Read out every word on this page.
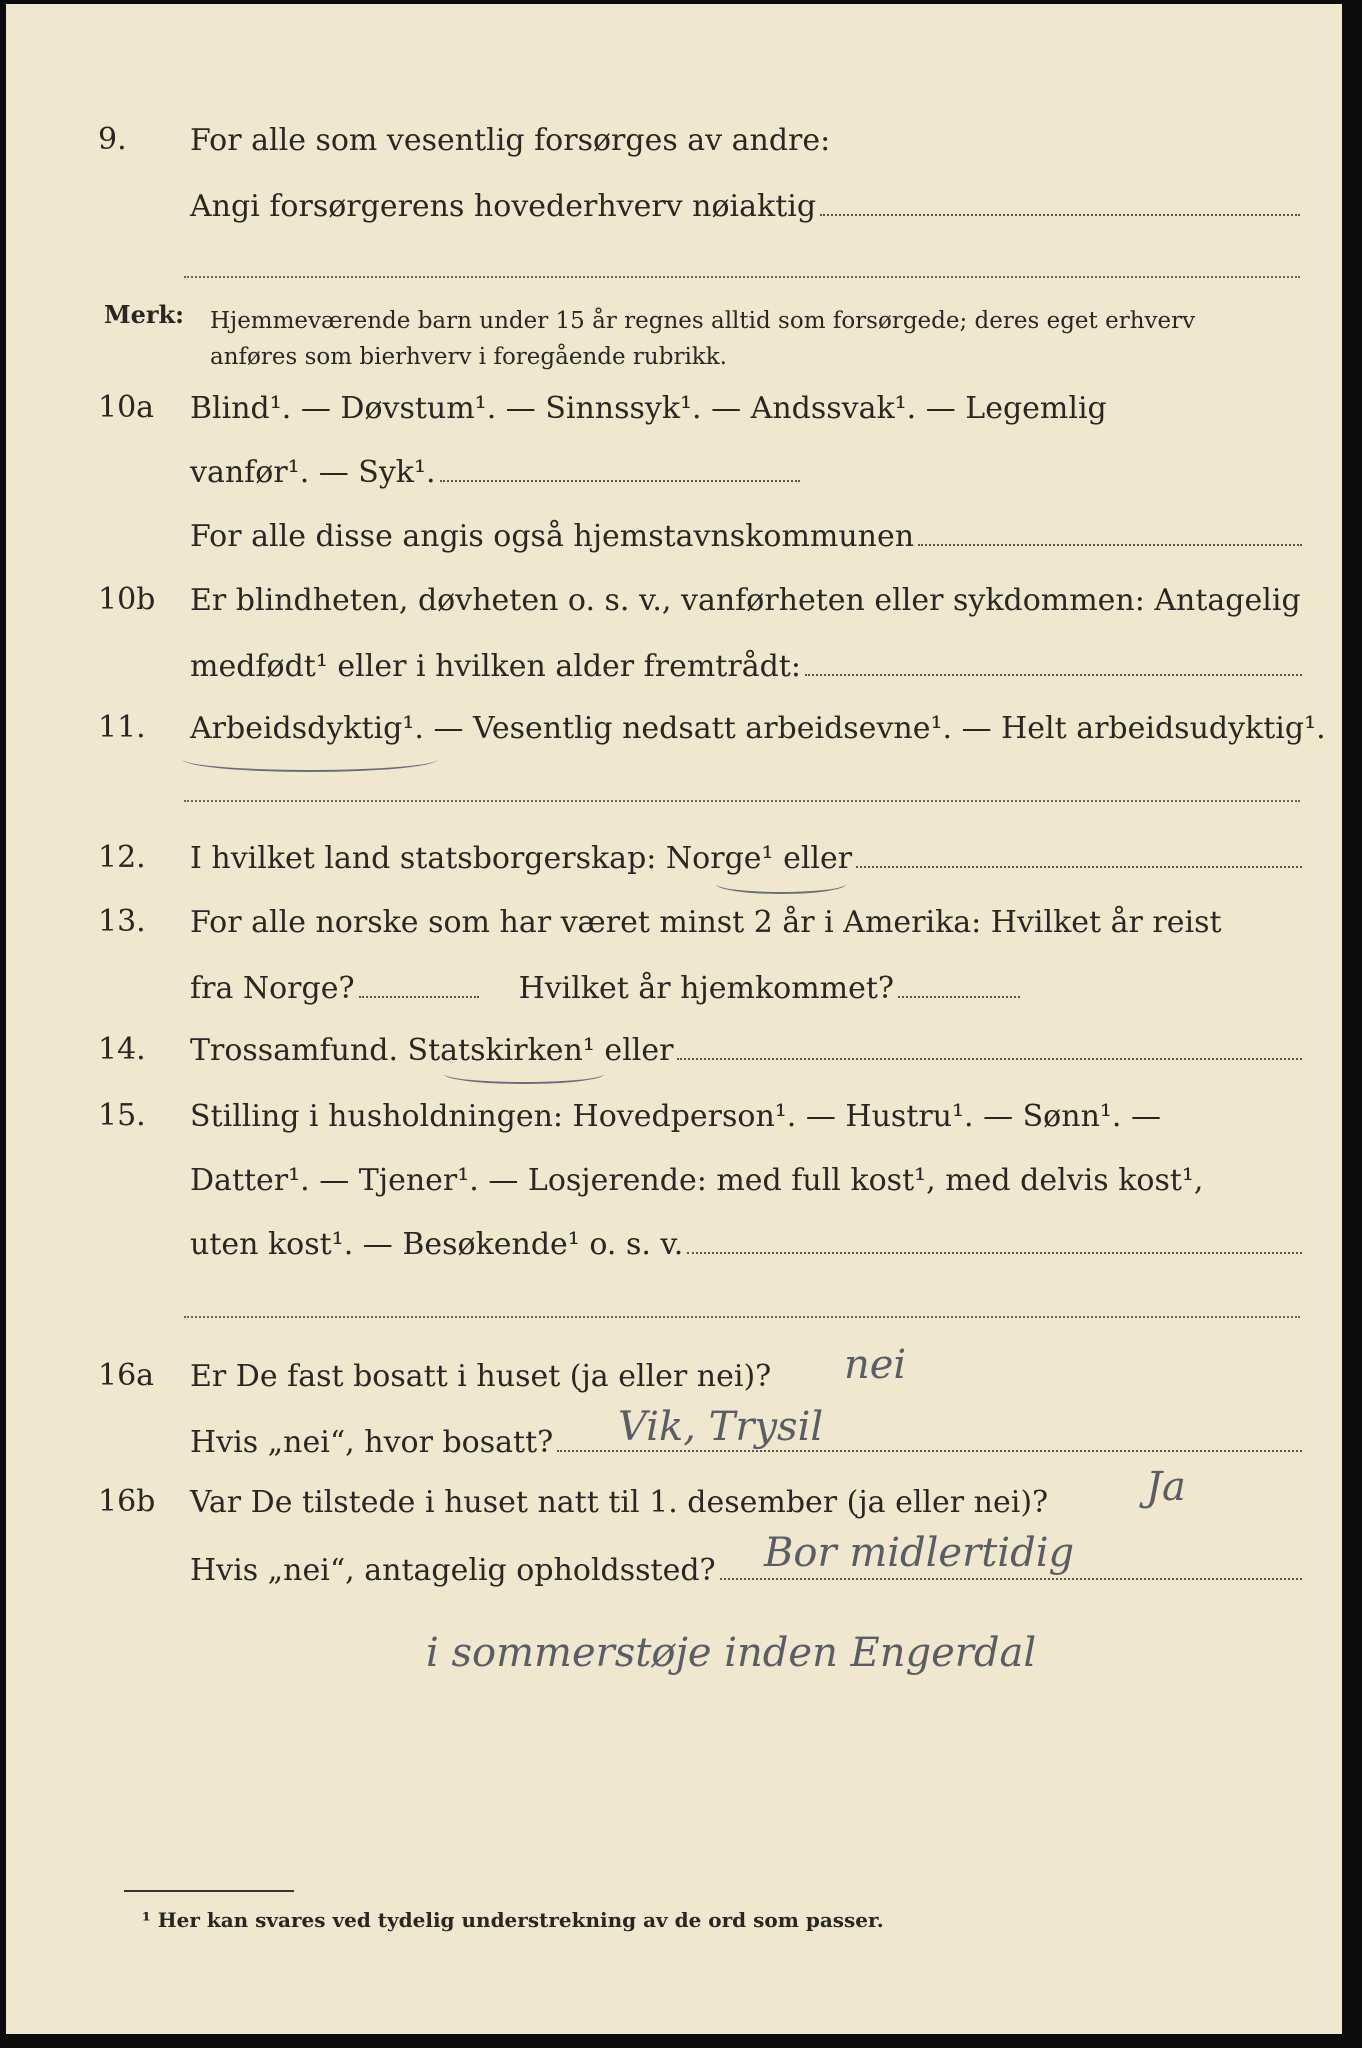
9. For alle som vesentlig forsørges av andre:
Angi forsørgerens hovederhverv nøiaktig
Merk: Hjemmeværende barn under 15 år regnes alltid som forsørgede; deres eget erhverv
anføres som bierhverv i foregående rubrikk.
10a Blind¹. — Døvstum¹. — Sinnssyk¹. — Andssvak¹. — Legemlig
vanfør¹. — Syk¹.
For alle disse angis også hjemstavnskommunen
10b Er blindheten, døvheten o. s. v., vanførheten eller sykdommen: Antagelig
medfødt¹ eller i hvilken alder fremtrådt:
11. Arbeidsdyktig¹. — Vesentlig nedsatt arbeidsevne¹. — Helt arbeidsudyktig¹.
12. I hvilket land statsborgerskap: Norge¹ eller
13. For alle norske som har været minst 2 år i Amerika: Hvilket år reist
fra Norge?	Hvilket år hjemkommet?
14. Trossamfund. Statskirken¹ eller
15. Stilling i husholdningen: Hovedperson¹. — Hustru¹. — Sønn¹. —
Datter¹. — Tjener¹. — Losjerende: med full kost¹, med delvis kost¹,
uten kost¹. — Besøkende¹ o. s. v.
16a Er De fast bosatt i huset (ja eller nei)? nei
Hvis „nei“, hvor bosatt? Vik, Trysil
16b Var De tilstede i huset natt til 1. desember (ja eller nei)? Ja
Hvis „nei“, antagelig opholdssted? Bor midlertidig
i sommerstøje inden Engerdal
¹ Her kan svares ved tydelig understrekning av de ord som passer.
